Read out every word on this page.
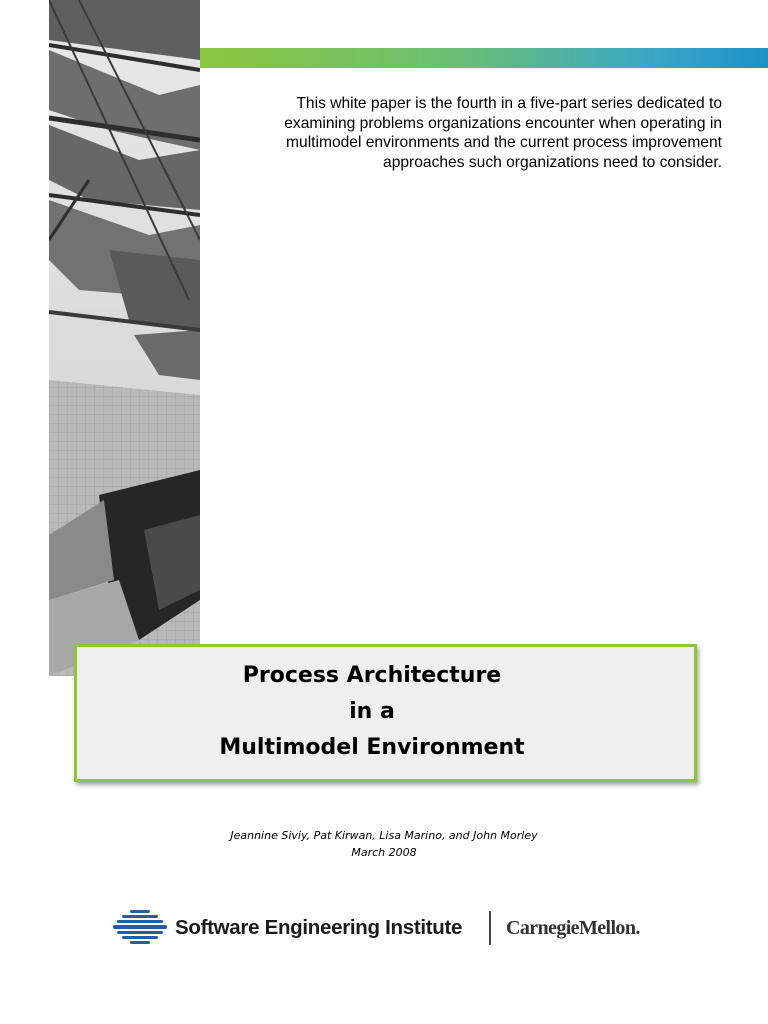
This white paper is the fourth in a five-part series dedicated to
examining problems organizations encounter when operating in
multimodel environments and the current process improvement
approaches such organizations need to consider.
Process Architecture
in a
Multimodel Environment
Jeannine Siviy, Pat Kirwan, Lisa Marino, and John Morley
March 2008
Software Engineering Institute CarnegieMellon.
